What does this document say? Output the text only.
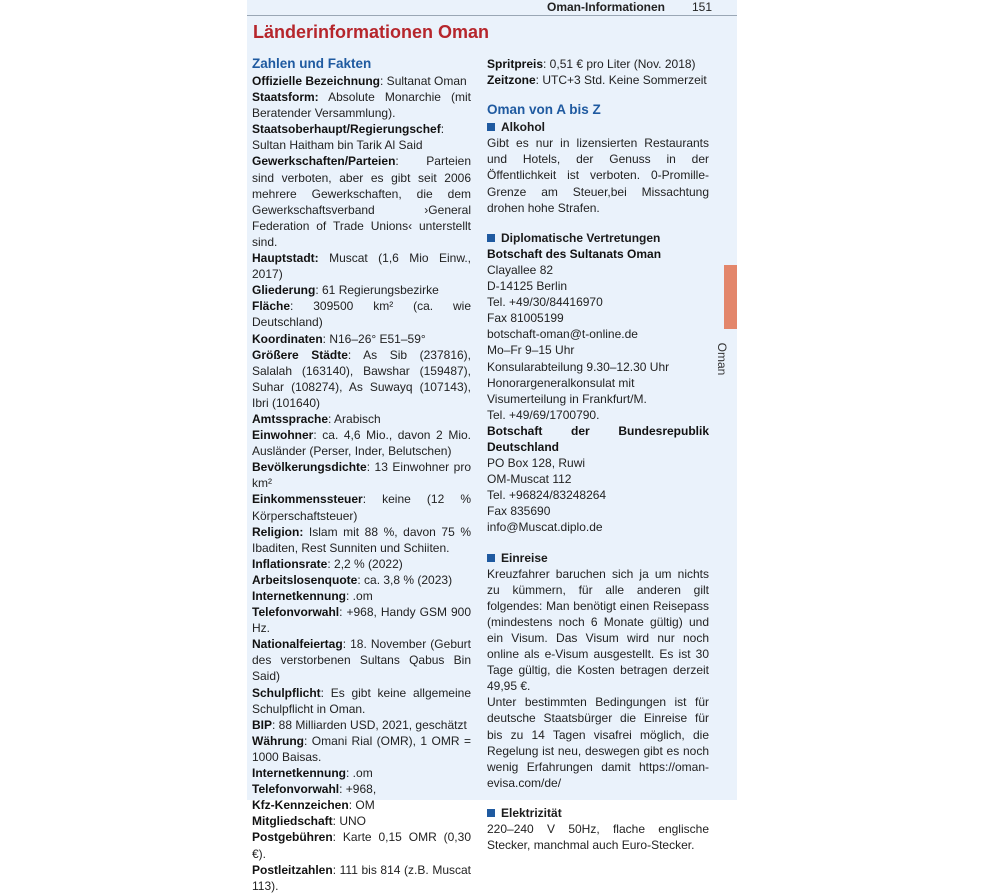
Oman-Informationen 151
Länderinformationen Oman
Zahlen und Fakten

Offizielle Bezeichnung: Sultanat Oman

Staatsform: Absolute Monarchie (mit Beratender Versammlung).

Staatsoberhaupt/Regierungschef: Sultan Haitham bin Tarik Al Said

Gewerkschaften/Parteien: Parteien sind verboten, aber es gibt seit 2006 mehrere Gewerkschaften, die dem Gewerkschaftsverband ›General Federation of Trade Unions‹ unterstellt sind.

Hauptstadt: Muscat (1,6 Mio Einw., 2017)

Gliederung: 61 Regierungsbezirke

Fläche: 309500 km² (ca. wie Deutschland)

Koordinaten: N16–26° E51–59°

Größere Städte: As Sib (237816), Salalah (163140), Bawshar (159487), Suhar (108274), As Suwayq (107143), Ibri (101640)

Amtssprache: Arabisch

Einwohner: ca. 4,6 Mio., davon 2 Mio. Ausländer (Perser, Inder, Belutschen)

Bevölkerungsdichte: 13 Einwohner pro km²

Einkommenssteuer: keine (12 % Körperschaftsteuer)

Religion: Islam mit 88 %, davon 75 % Ibaditen, Rest Sunniten und Schiiten.

Inflationsrate: 2,2 % (2022)

Arbeitslosenquote: ca. 3,8 % (2023)

Internetkennung: .om

Telefonvorwahl: +968, Handy GSM 900 Hz.

Nationalfeiertag: 18. November (Geburt des verstorbenen Sultans Qabus Bin Said)

Schulpflicht: Es gibt keine allgemeine Schulpflicht in Oman.

BIP: 88 Milliarden USD, 2021, geschätzt

Währung: Omani Rial (OMR), 1 OMR = 1000 Baisas.

Internetkennung: .om

Telefonvorwahl: +968,

Kfz-Kennzeichen: OM

Mitgliedschaft: UNO

Postgebühren: Karte 0,15 OMR (0,30 €).

Postleitzahlen: 111 bis 814 (z.B. Muscat 113).

Spritpreis: 0,51 € pro Liter (Nov. 2018)

Zeitzone: UTC+3 Std. Keine Sommerzeit

Oman von A bis Z
Alkohol

Gibt es nur in lizensierten Restaurants und Hotels, der Genuss in der Öffentlichkeit ist verboten. 0-Promille-Grenze am Steuer,bei Missachtung drohen hohe Strafen.

Diplomatische Vertretungen

Botschaft des Sultanats Oman

Clayallee 82

D-14125 Berlin

Tel. +49/30/84416970

Fax 81005199

botschaft-oman@t-online.de

Mo–Fr 9–15 Uhr

Konsularabteilung 9.30–12.30 Uhr

Honorargeneralkonsulat mit Visumerteilung in Frankfurt/M.

Tel. +49/69/1700790.

Botschaft der Bundesrepublik Deutschland

PO Box 128, Ruwi

OM-Muscat 112

Tel. +96824/83248264

Fax 835690

info@Muscat.diplo.de

Einreise

Kreuzfahrer baruchen sich ja um nichts zu kümmern, für alle anderen gilt folgendes: Man benötigt einen Reisepass (mindestens noch 6 Monate gültig) und ein Visum. Das Visum wird nur noch online als e-Visum ausgestellt. Es ist 30 Tage gültig, die Kosten betragen derzeit 49,95 €.

Unter bestimmten Bedingungen ist für deutsche Staatsbürger die Einreise für bis zu 14 Tagen visafrei möglich, die Regelung ist neu, deswegen gibt es noch wenig Erfahrungen damit https://oman-evisa.com/de/

Elektrizität

220–240 V 50Hz, flache englische Stecker, manchmal auch Euro-Stecker.

Oman
